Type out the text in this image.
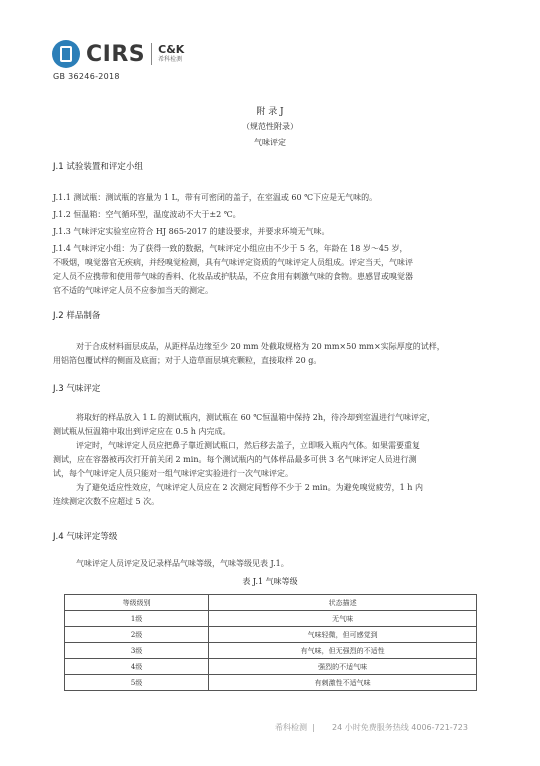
CIRS C&K
希科检测
GB 36246-2018
附 录 J
（规范性附录）
气味评定
J.1 试验装置和评定小组
J.1.1 测试瓶：测试瓶的容量为 1 L，带有可密闭的盖子，在室温或 60 ℃下应是无气味的。
J.1.2 恒温箱：空气循环型，温度波动不大于±2 ℃。
J.1.3 气味评定实验室应符合 HJ 865-2017 的建设要求，并要求环境无气味。
J.1.4 气味评定小组：为了获得一致的数据，气味评定小组应由不少于 5 名，年龄在 18 岁～45 岁，
不吸烟，嗅觉器官无疾病，并经嗅觉检测，具有气味评定资质的气味评定人员组成。评定当天，气味评
定人员不应携带和使用带气味的香料、化妆品或护肤品，不应食用有刺激气味的食物。患感冒或嗅觉器
官不适的气味评定人员不应参加当天的测定。
J.2 样品制备
对于合成材料面层成品，从距样品边缘至少 20 mm 处截取规格为 20 mm×50 mm×实际厚度的试样，
用铝箔包覆试样的侧面及底面；对于人造草面层填充颗粒，直接取样 20 g。
J.3 气味评定
将取好的样品放入 1 L 的测试瓶内，测试瓶在 60 ℃恒温箱中保持 2h，待冷却到室温进行气味评定，
测试瓶从恒温箱中取出到评定应在 0.5 h 内完成。
评定时，气味评定人员应把鼻子靠近测试瓶口，然后移去盖子，立即吸入瓶内气体。如果需要重复
测试，应在容器被再次打开前关闭 2 min。每个测试瓶内的气体样品最多可供 3 名气味评定人员进行测
试，每个气味评定人员只能对一组气味评定实验进行一次气味评定。
为了避免适应性效应，气味评定人员应在 2 次测定间暂停不少于 2 min。为避免嗅觉疲劳，1 h 内
连续测定次数不应超过 5 次。
J.4 气味评定等级
气味评定人员评定及记录样品气味等级，气味等级见表 J.1。
表 J.1 气味等级
等级级别	状态描述
1级	无气味
2级	气味轻微，但可感觉到
3级	有气味，但无强烈的不适性
4级	强烈的不适气味
5级	有刺激性不适气味
希科检测	24 小时免费服务热线 4006-721-723
